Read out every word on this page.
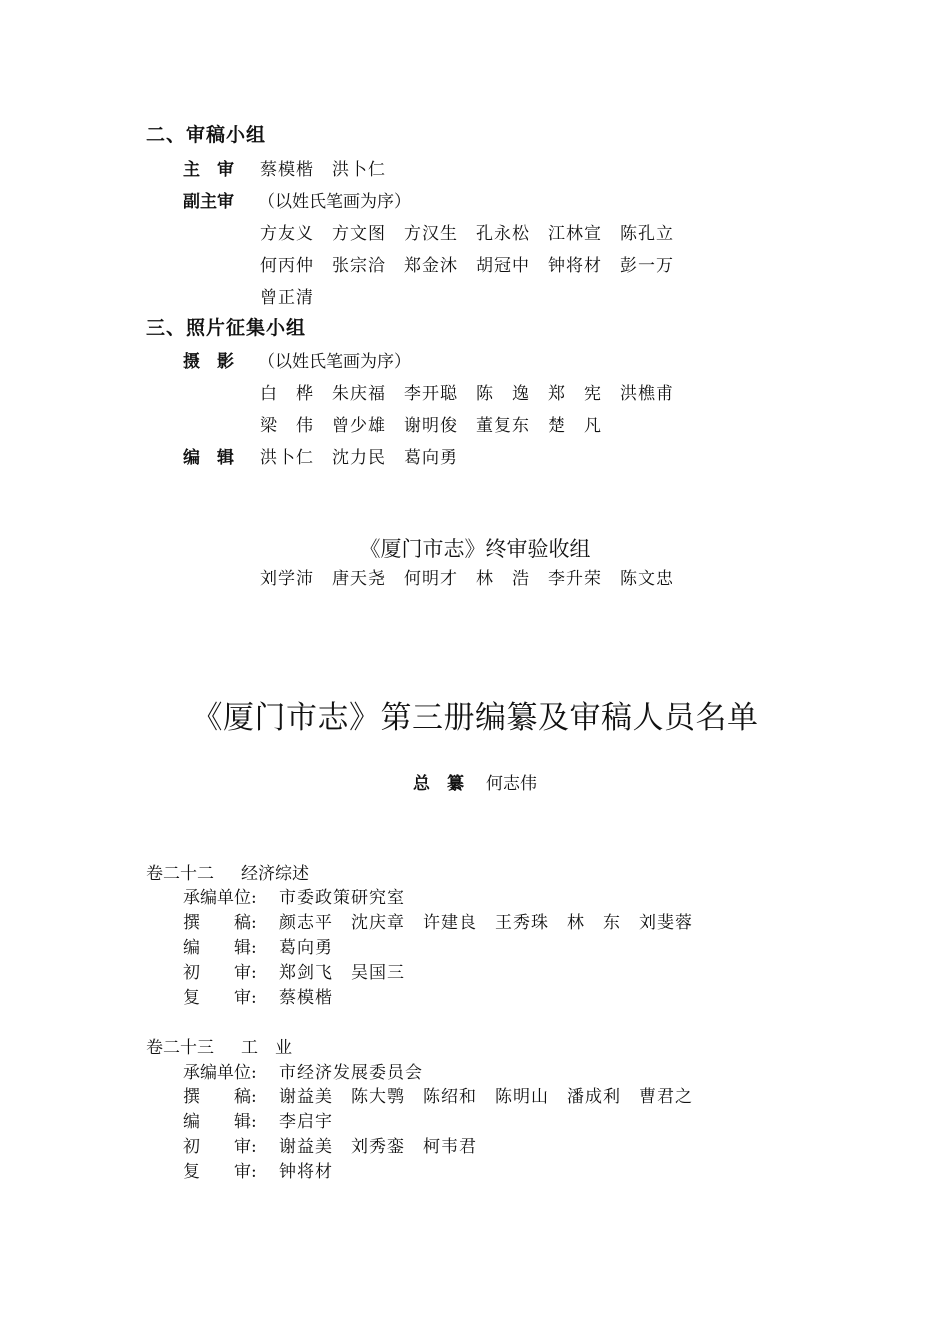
二、审稿小组
主　审 蔡模楷　洪卜仁
副主审 （以姓氏笔画为序）
方友义　方文图　方汉生　孔永松　江林宣　陈孔立
何丙仲　张宗洽　郑金沐　胡冠中　钟将材　彭一万
曾正清
三、照片征集小组
摄　影 （以姓氏笔画为序）
白　桦　朱庆福　李开聪　陈　逸　郑　宪　洪樵甫
梁　伟　曾少雄　谢明俊　董复东　楚　凡
编　辑 洪卜仁　沈力民　葛向勇
《厦门市志》终审验收组
刘学沛　唐天尧　何明才　林　浩　李升荣　陈文忠
《厦门市志》第三册编纂及审稿人员名单
总　纂 何志伟
卷二十二 经济综述
承编单位: 市委政策研究室
撰　　稿: 颜志平　沈庆章　许建良　王秀珠　林　东　刘斐蓉
编　　辑: 葛向勇
初　　审: 郑剑飞　吴国三
复　　审: 蔡模楷
卷二十三 工　业
承编单位: 市经济发展委员会
撰　　稿: 谢益美　陈大鹗　陈绍和　陈明山　潘成利　曹君之
编　　辑: 李启宇
初　　审: 谢益美　刘秀銮　柯韦君
复　　审: 钟将材
